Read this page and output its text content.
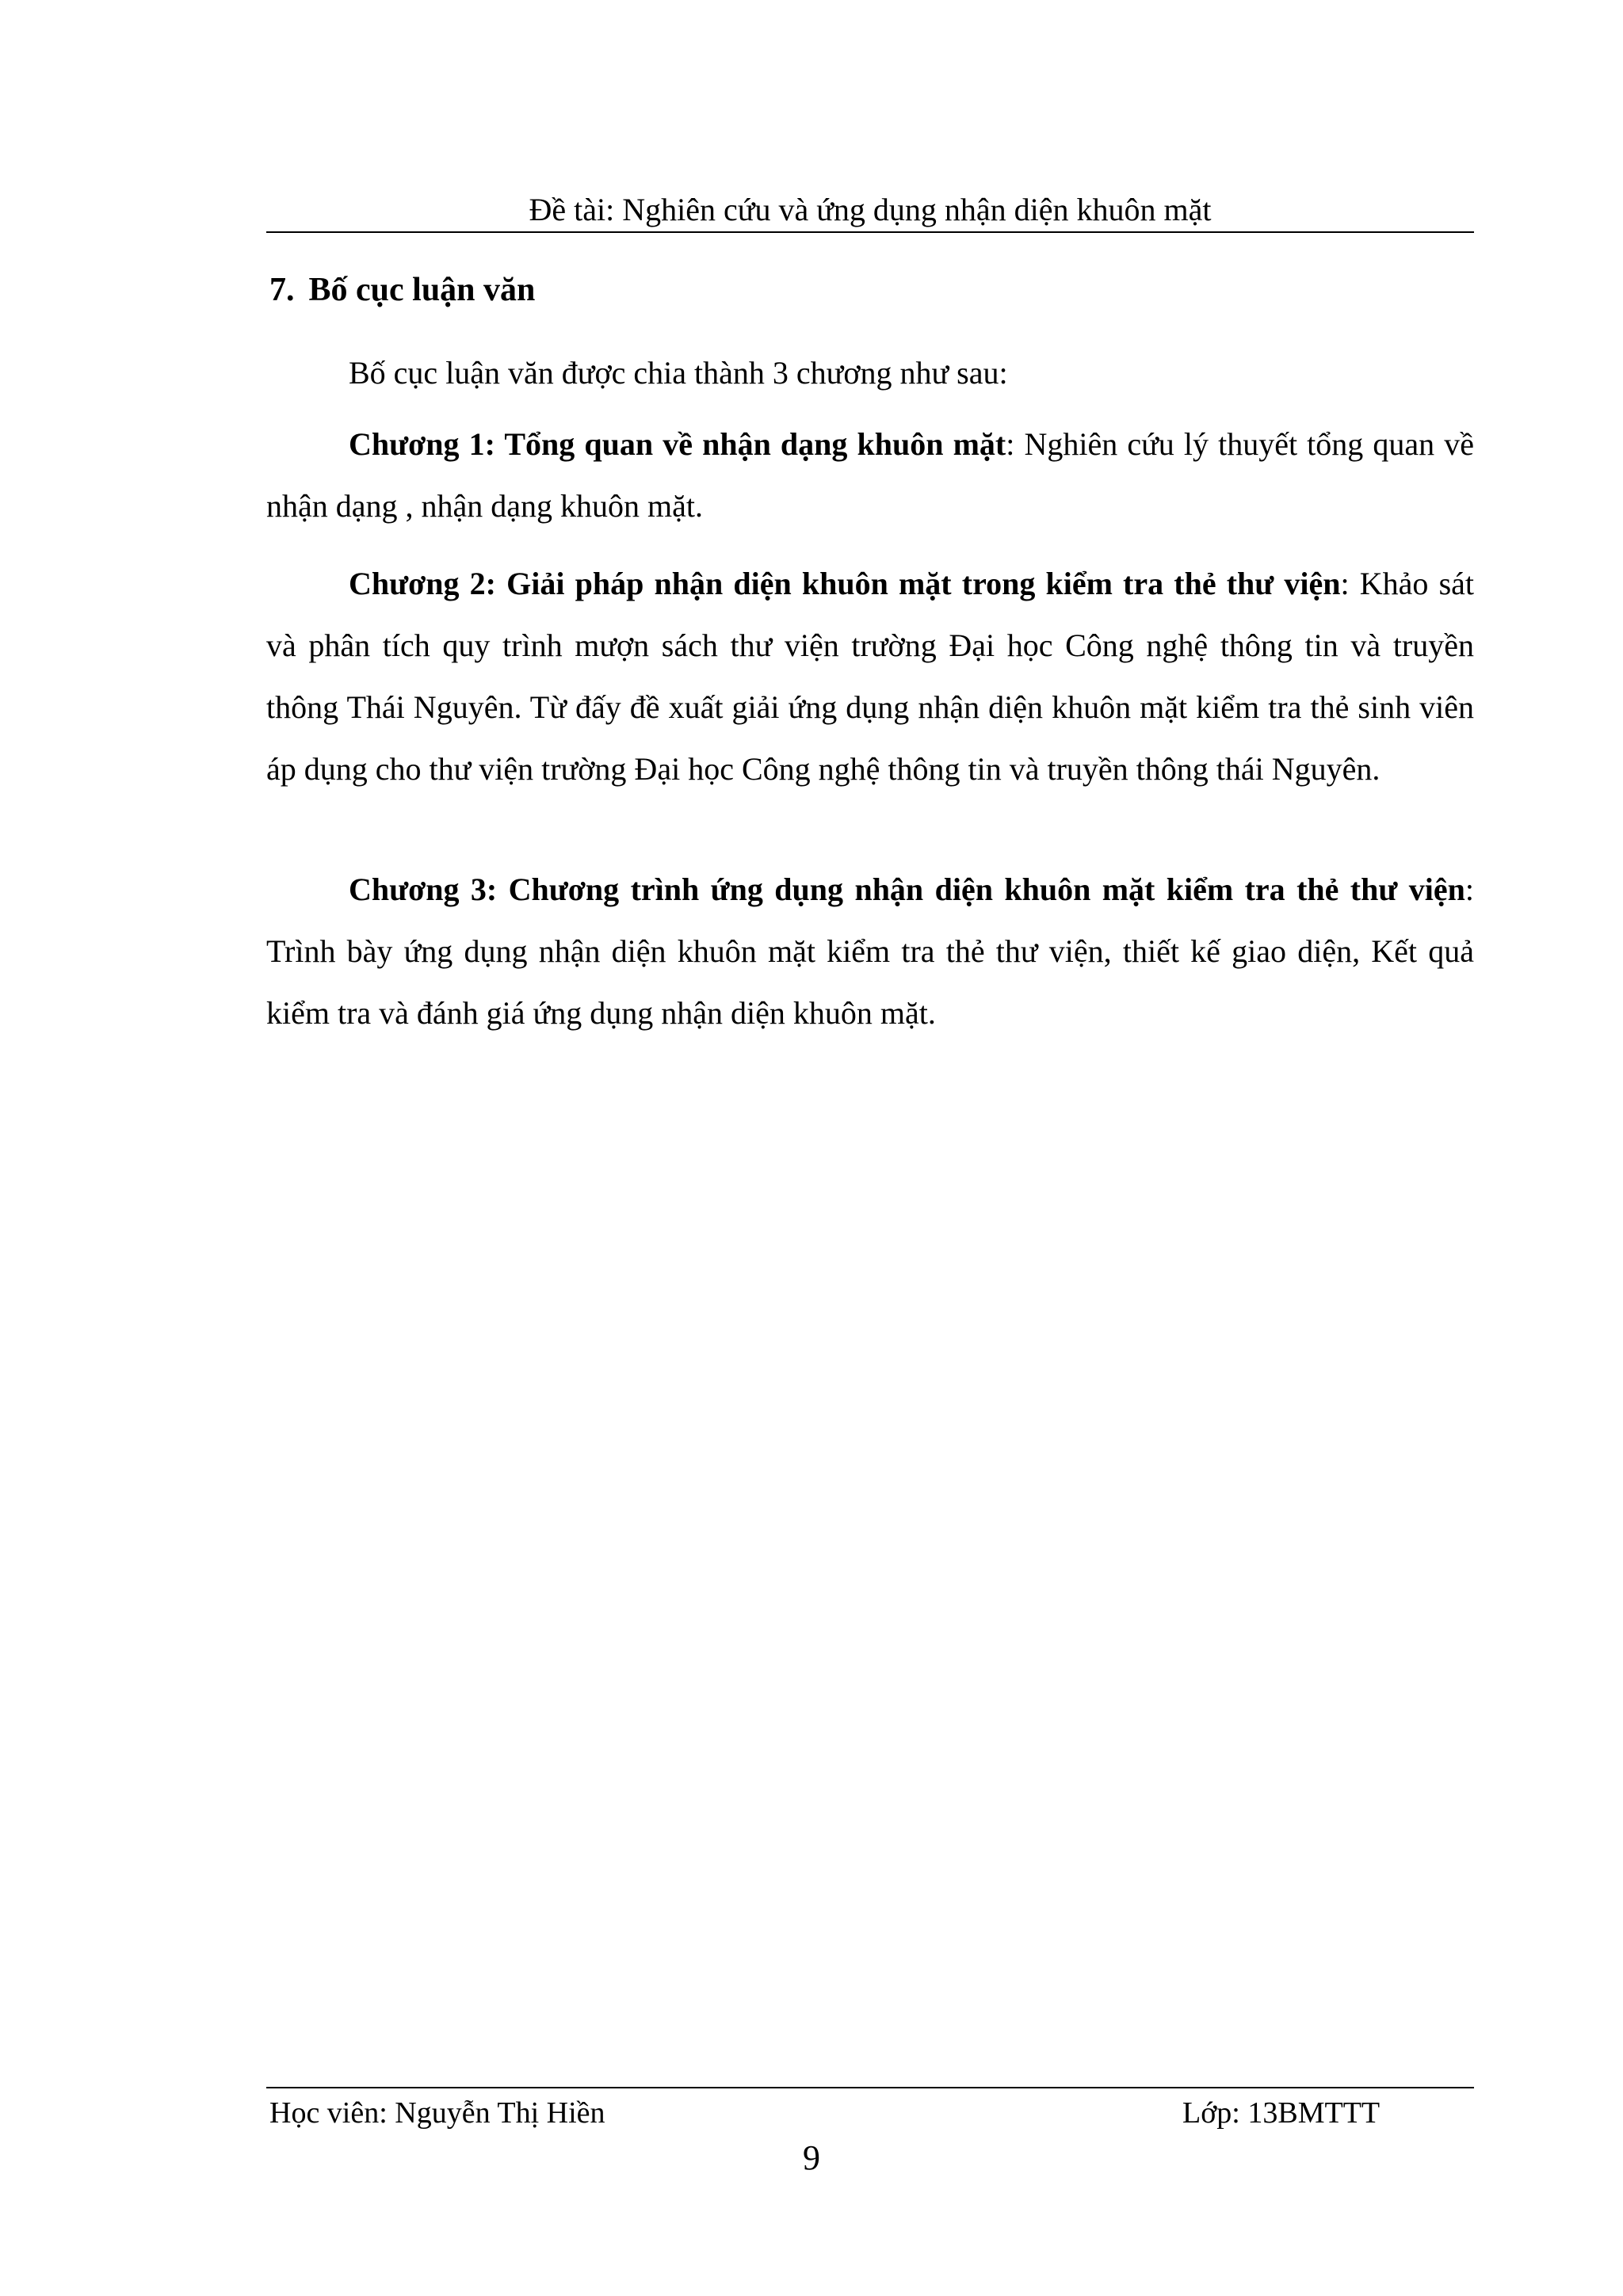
Đề tài: Nghiên cứu và ứng dụng nhận diện khuôn mặt
7. Bố cục luận văn

Bố cục luận văn được chia thành 3 chương như sau:

Chương 1: Tổng quan về nhận dạng khuôn mặt: Nghiên cứu lý thuyết tổng quan về nhận dạng , nhận dạng khuôn mặt.

Chương 2: Giải pháp nhận diện khuôn mặt trong kiểm tra thẻ thư viện: Khảo sát và phân tích quy trình mượn sách thư viện trường Đại học Công nghệ thông tin và truyền thông Thái Nguyên. Từ đấy đề xuất giải ứng dụng nhận diện khuôn mặt kiểm tra thẻ sinh viên áp dụng cho thư viện trường Đại học Công nghệ thông tin và truyền thông thái Nguyên.

Chương 3: Chương trình ứng dụng nhận diện khuôn mặt kiểm tra thẻ thư viện: Trình bày ứng dụng nhận diện khuôn mặt kiểm tra thẻ thư viện, thiết kế giao diện, Kết quả kiểm tra và đánh giá ứng dụng nhận diện khuôn mặt.

Học viên: Nguyễn Thị Hiền	Lớp: 13BMTTT
9
